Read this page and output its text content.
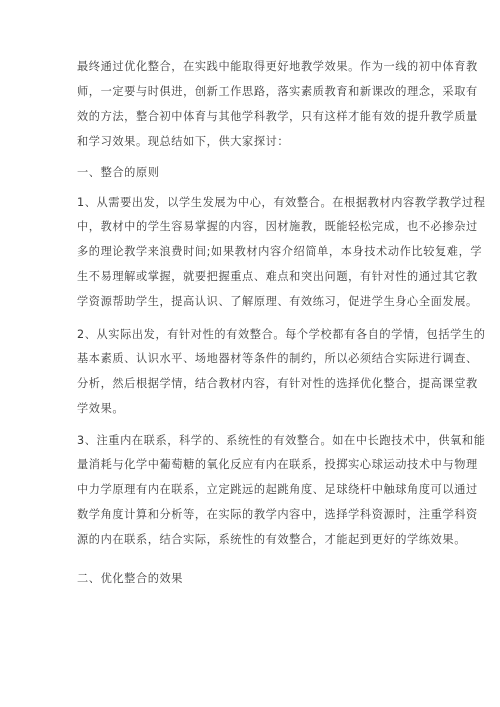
最终通过优化整合，在实践中能取得更好地教学效果。作为一线的初中体育教
师，一定要与时俱进，创新工作思路，落实素质教育和新课改的理念，采取有
效的方法，整合初中体育与其他学科教学，只有这样才能有效的提升教学质量
和学习效果。现总结如下，供大家探讨：
一、整合的原则
1、从需要出发，以学生发展为中心，有效整合。在根据教材内容教学教学过程
中，教材中的学生容易掌握的内容，因材施教，既能轻松完成，也不必掺杂过
多的理论教学来浪费时间;如果教材内容介绍简单，本身技术动作比较复难，学
生不易理解或掌握，就要把握重点、难点和突出问题，有针对性的通过其它教
学资源帮助学生，提高认识、了解原理、有效练习，促进学生身心全面发展。
2、从实际出发，有针对性的有效整合。每个学校都有各自的学情，包括学生的
基本素质、认识水平、场地器材等条件的制约，所以必须结合实际进行调查、
分析，然后根据学情，结合教材内容，有针对性的选择优化整合，提高课堂教
学效果。
3、注重内在联系，科学的、系统性的有效整合。如在中长跑技术中，供氧和能
量消耗与化学中葡萄糖的氧化反应有内在联系，投掷实心球运动技术中与物理
中力学原理有内在联系，立定跳远的起跳角度、足球绕杆中触球角度可以通过
数学角度计算和分析等，在实际的教学内容中，选择学科资源时，注重学科资
源的内在联系，结合实际，系统性的有效整合，才能起到更好的学练效果。
二、优化整合的效果
